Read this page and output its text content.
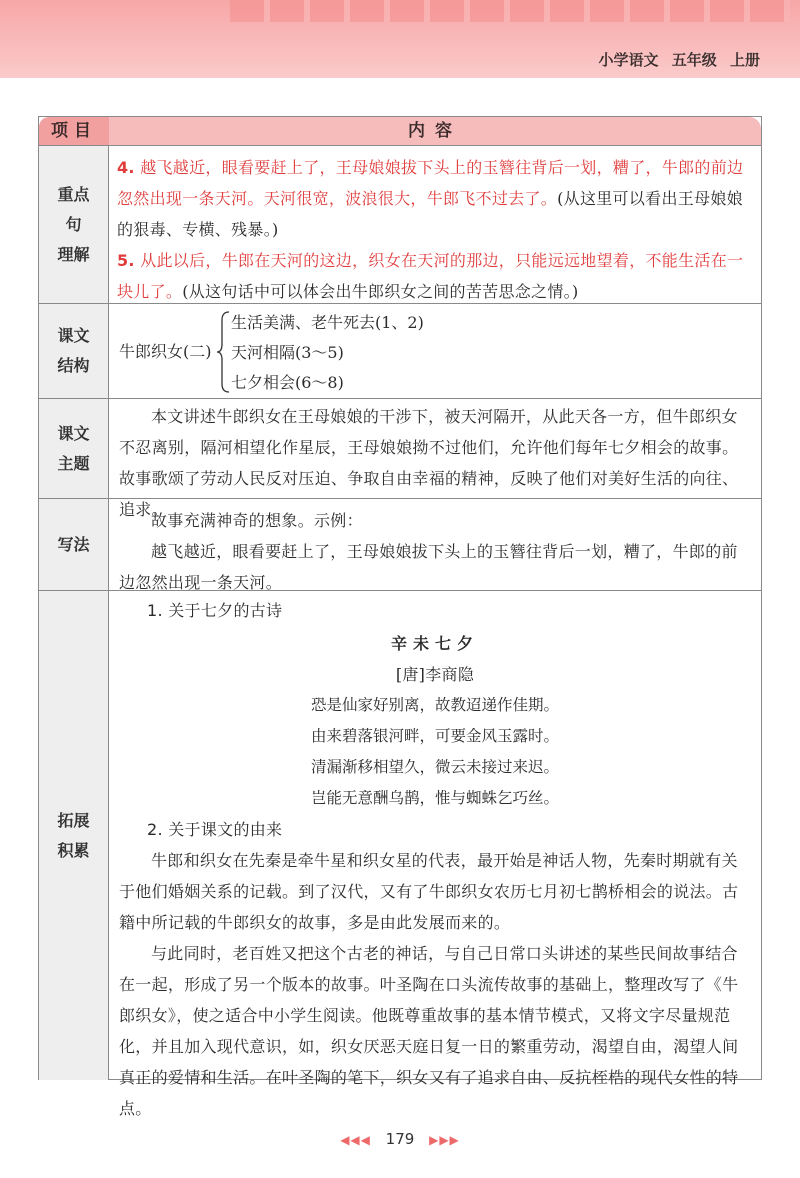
小学语文 五年级 上册
项目	内容
重点句
理解

4. 越飞越近，眼看要赶上了，王母娘娘拔下头上的玉簪往背后一划，糟了，牛郎的前边忽然出现一条天河。天河很宽，波浪很大，牛郎飞不过去了。(从这里可以看出王母娘娘的狠毒、专横、残暴。)

5. 从此以后，牛郎在天河的这边，织女在天河的那边，只能远远地望着，不能生活在一块儿了。(从这句话中可以体会出牛郎织女之间的苦苦思念之情。)

课文
结构
牛郎织女(二)
生活美满、老牛死去(1、2)
天河相隔(3～5)
七夕相会(6～8)
课文
主题

本文讲述牛郎织女在王母娘娘的干涉下，被天河隔开，从此天各一方，但牛郎织女不忍离别，隔河相望化作星辰，王母娘娘拗不过他们，允许他们每年七夕相会的故事。故事歌颂了劳动人民反对压迫、争取自由幸福的精神，反映了他们对美好生活的向往、追求。

写法

故事充满神奇的想象。示例：

越飞越近，眼看要赶上了，王母娘娘拔下头上的玉簪往背后一划，糟了，牛郎的前边忽然出现一条天河。

拓展
积累

1. 关于七夕的古诗

辛未七夕

[唐]李商隐

恐是仙家好别离，故教迢递作佳期。
由来碧落银河畔，可要金风玉露时。
清漏渐移相望久，微云未接过来迟。
岂能无意酬乌鹊，惟与蜘蛛乞巧丝。

2. 关于课文的由来

牛郎和织女在先秦是牵牛星和织女星的代表，最开始是神话人物，先秦时期就有关于他们婚姻关系的记载。到了汉代，又有了牛郎织女农历七月初七鹊桥相会的说法。古籍中所记载的牛郎织女的故事，多是由此发展而来的。

与此同时，老百姓又把这个古老的神话，与自己日常口头讲述的某些民间故事结合在一起，形成了另一个版本的故事。叶圣陶在口头流传故事的基础上，整理改写了《牛郎织女》，使之适合中小学生阅读。他既尊重故事的基本情节模式，又将文字尽量规范化，并且加入现代意识，如，织女厌恶天庭日复一日的繁重劳动，渴望自由，渴望人间真正的爱情和生活。在叶圣陶的笔下，织女又有了追求自由、反抗桎梏的现代女性的特点。

◀◀◀ 179 ▶▶▶
